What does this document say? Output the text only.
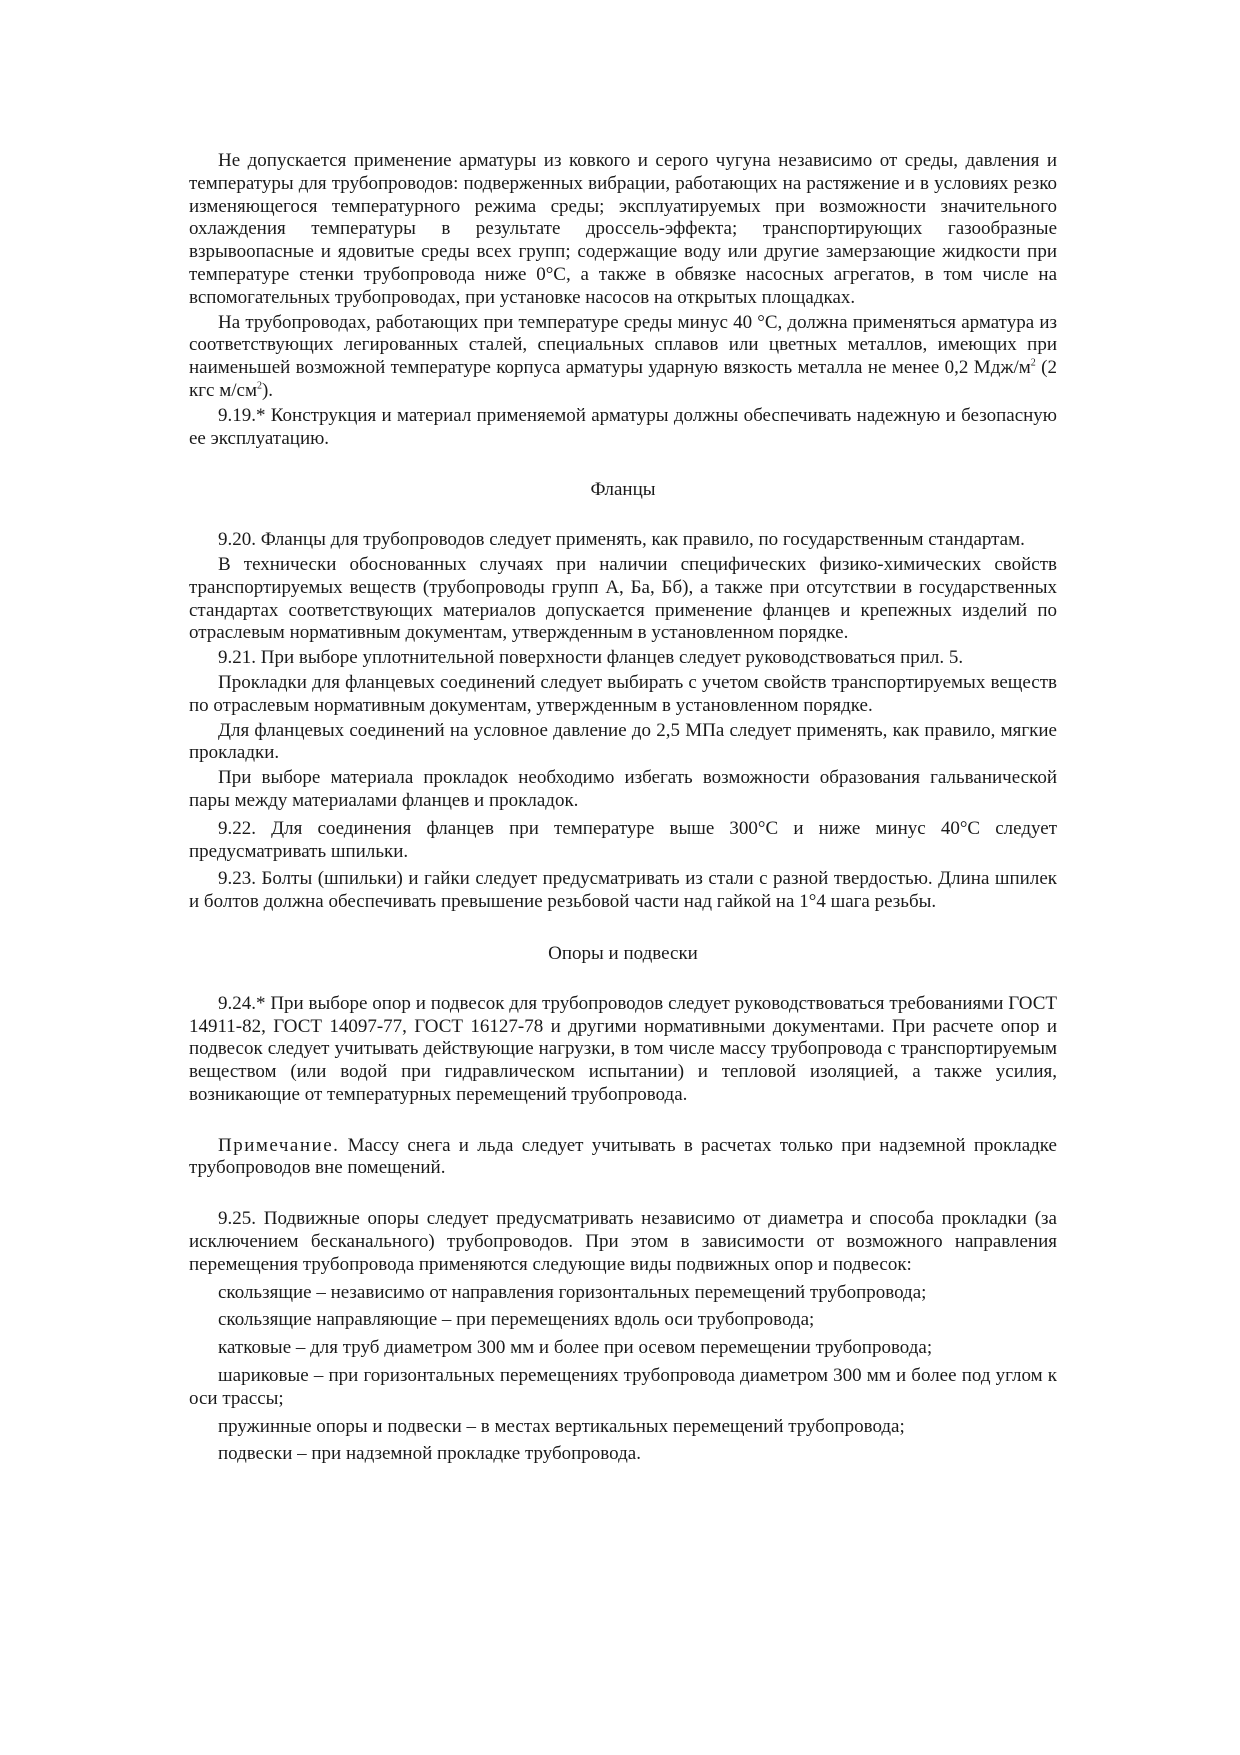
Не допускается применение арматуры из ковкого и серого чугуна независимо от среды, давления и температуры для трубопроводов: подверженных вибрации, работающих на растяжение и в условиях резко изменяющегося температурного режима среды; эксплуатируемых при возможности значительного охлаждения температуры в результате дроссель-эффекта; транспортирующих газообразные взрывоопасные и ядовитые среды всех групп; содержащие воду или другие замерзающие жидкости при температуре стенки трубопровода ниже 0°С, а также в обвязке насосных агрегатов, в том числе на вспомогательных трубопроводах, при установке насосов на открытых площадках.

На трубопроводах, работающих при температуре среды минус 40 °С, должна применяться арматура из соответствующих легированных сталей, специальных сплавов или цветных металлов, имеющих при наименьшей возможной температуре корпуса арматуры ударную вязкость металла не менее 0,2 Мдж/$м^2$ (2 кгс $м/см^2$).

9.19.* Конструкция и материал применяемой арматуры должны обеспечивать надежную и безопасную ее эксплуатацию.

Фланцы

9.20. Фланцы для трубопроводов следует применять, как правило, по государственным стандартам.

В технически обоснованных случаях при наличии специфических физико-химических свойств транспортируемых веществ (трубопроводы групп А, Ба, Бб), а также при отсутствии в государственных стандартах соответствующих материалов допускается применение фланцев и крепежных изделий по отраслевым нормативным документам, утвержденным в установленном порядке.

9.21. При выборе уплотнительной поверхности фланцев следует руководствоваться прил. 5.

Прокладки для фланцевых соединений следует выбирать с учетом свойств транспортируемых веществ по отраслевым нормативным документам, утвержденным в установленном порядке.

Для фланцевых соединений на условное давление до 2,5 МПа следует применять, как правило, мягкие прокладки.

При выборе материала прокладок необходимо избегать возможности образования гальванической пары между материалами фланцев и прокладок.

9.22. Для соединения фланцев при температуре выше 300°С и ниже минус 40°С следует предусматривать шпильки.

9.23. Болты (шпильки) и гайки следует предусматривать из стали с разной твердостью. Длина шпилек и болтов должна обеспечивать превышение резьбовой части над гайкой на 1°4 шага резьбы.

Опоры и подвески

9.24.* При выборе опор и подвесок для трубопроводов следует руководствоваться требованиями ГОСТ 14911-82, ГОСТ 14097-77, ГОСТ 16127-78 и другими нормативными документами. При расчете опор и подвесок следует учитывать действующие нагрузки, в том числе массу трубопровода с транспортируемым веществом (или водой при гидравлическом испытании) и тепловой изоляцией, а также усилия, возникающие от температурных перемещений трубопровода.

Примечание. Массу снега и льда следует учитывать в расчетах только при надземной прокладке трубопроводов вне помещений.

9.25. Подвижные опоры следует предусматривать независимо от диаметра и способа прокладки (за исключением бесканального) трубопроводов. При этом в зависимости от возможного направления перемещения трубопровода применяются следующие виды подвижных опор и подвесок:

скользящие – независимо от направления горизонтальных перемещений трубопровода;

скользящие направляющие – при перемещениях вдоль оси трубопровода;

катковые – для труб диаметром 300 мм и более при осевом перемещении трубопровода;

шариковые – при горизонтальных перемещениях трубопровода диаметром 300 мм и более под углом к оси трассы;

пружинные опоры и подвески – в местах вертикальных перемещений трубопровода;

подвески – при надземной прокладке трубопровода.
